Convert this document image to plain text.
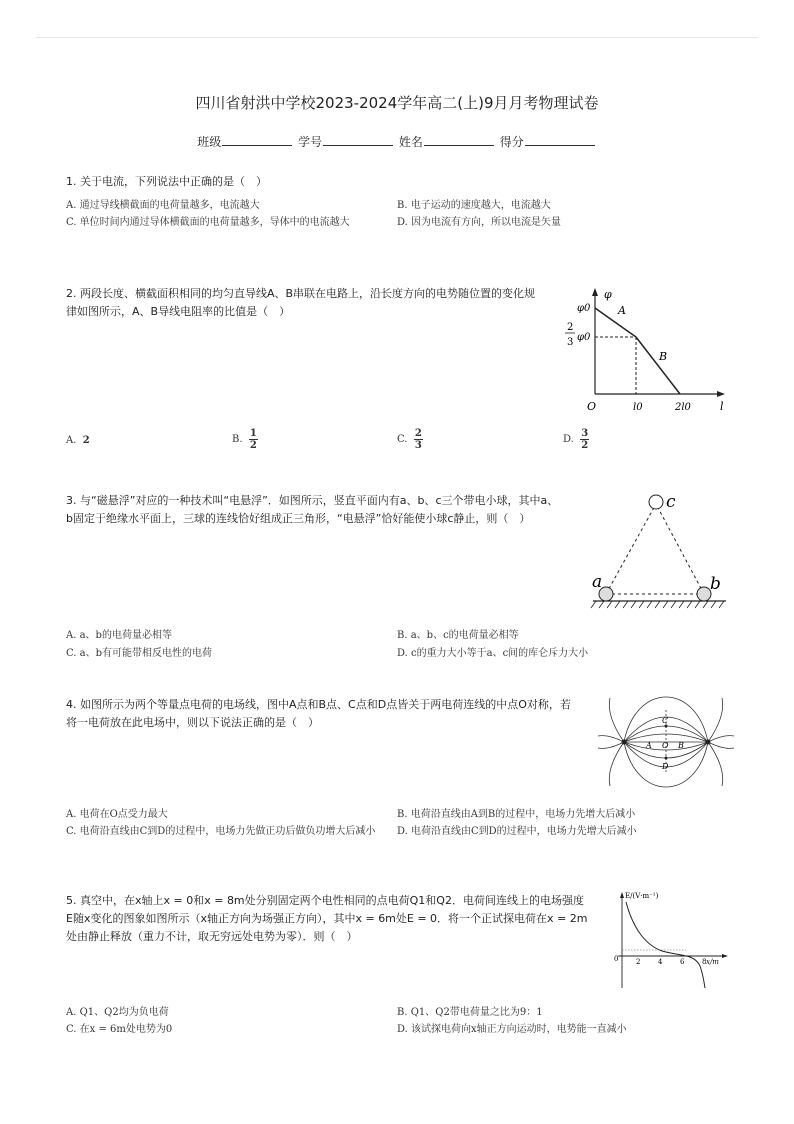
四川省射洪中学校2023-2024学年高二(上)9月月考物理试卷
班级	学号	姓名	得分
1. 关于电流，下列说法中正确的是（　）
A. 通过导线横截面的电荷量越多，电流越大	B. 电子运动的速度越大，电流越大
C. 单位时间内通过导体横截面的电荷量越多，导体中的电流越大	D. 因为电流有方向，所以电流是矢量
2. 两段长度、横截面积相同的均匀直导线A、B串联在电路上，沿长度方向的电势随位置的变化规律如图所示，A、B导线电阻率的比值是（　）
φ
l
O
φ0
2
3 φ0
l0	2l0
A
B
A. 2	B. $\frac{1}{2}$	C. $\frac{2}{3}$	D. $\frac{3}{2}$
3. 与“磁悬浮”对应的一种技术叫“电悬浮”．如图所示，竖直平面内有a、b、c三个带电小球，其中a、b固定于绝缘水平面上，三球的连线恰好组成正三角形，“电悬浮”恰好能使小球c静止，则（　）
a	b
c
A. a、b的电荷量必相等	B. a、b、c的电荷量必相等
C. a、b有可能带相反电性的电荷	D. c的重力大小等于a、c间的库仑斥力大小
4. 如图所示为两个等量点电荷的电场线，图中A点和B点、C点和D点皆关于两电荷连线的中点O对称，若将一电荷放在此电场中，则以下说法正确的是（　）	C
D
A O B
A. 电荷在O点受力最大	B. 电荷沿直线由A到B的过程中，电场力先增大后减小
C. 电荷沿直线由C到D的过程中，电场力先做正功后做负功增大后减小	D. 电荷沿直线由C到D的过程中，电场力先增大后减小
5. 真空中，在x轴上x = 0和x = 8m处分别固定两个电性相同的点电荷Q1和Q2．电荷间连线上的电场强度E随x变化的图象如图所示（x轴正方向为场强正方向），其中x = 6m处E = 0．将一个正试探电荷在x = 2m处由静止释放（重力不计，取无穷远处电势为零）．则（　）
E/(V·m⁻¹)
x/m
0	2	4	6	8
A. Q1、Q2均为负电荷	B. Q1、Q2带电荷量之比为9：1
C. 在x = 6m处电势为0	D. 该试探电荷向x轴正方向运动时，电势能一直减小
